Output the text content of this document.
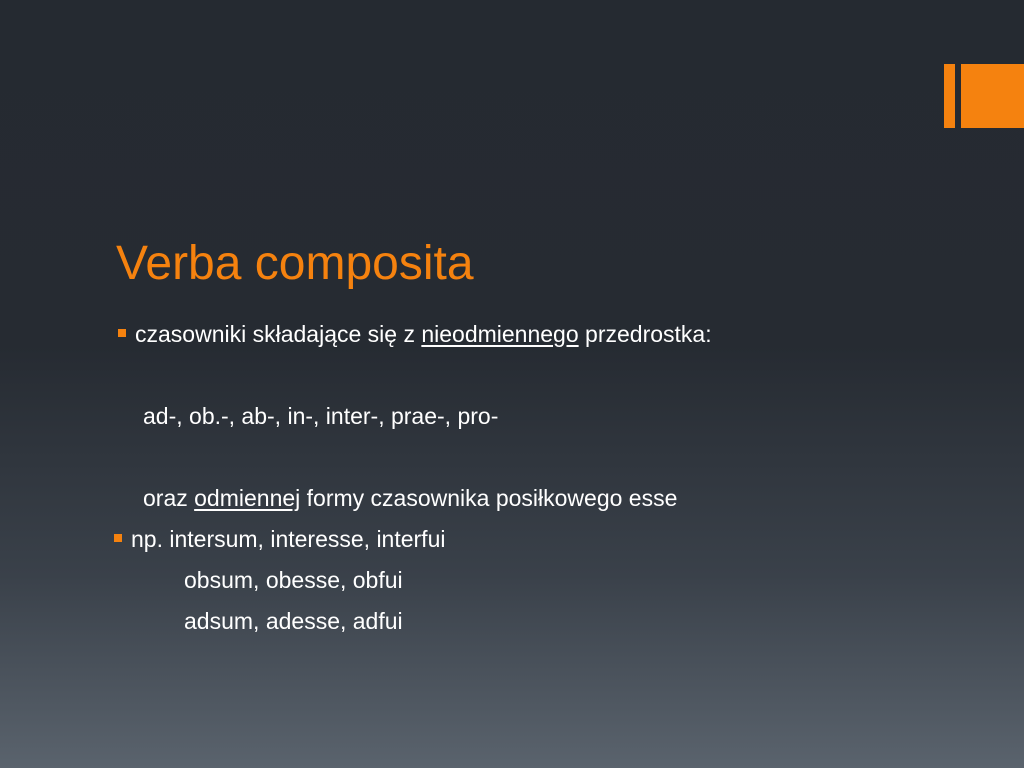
Verba composita
czasowniki składające się z nieodmiennego przedrostka:
ad-, ob.-, ab-, in-, inter-, prae-, pro-
oraz odmiennej formy czasownika posiłkowego esse
np. intersum, interesse, interfui
obsum, obesse, obfui
adsum, adesse, adfui
